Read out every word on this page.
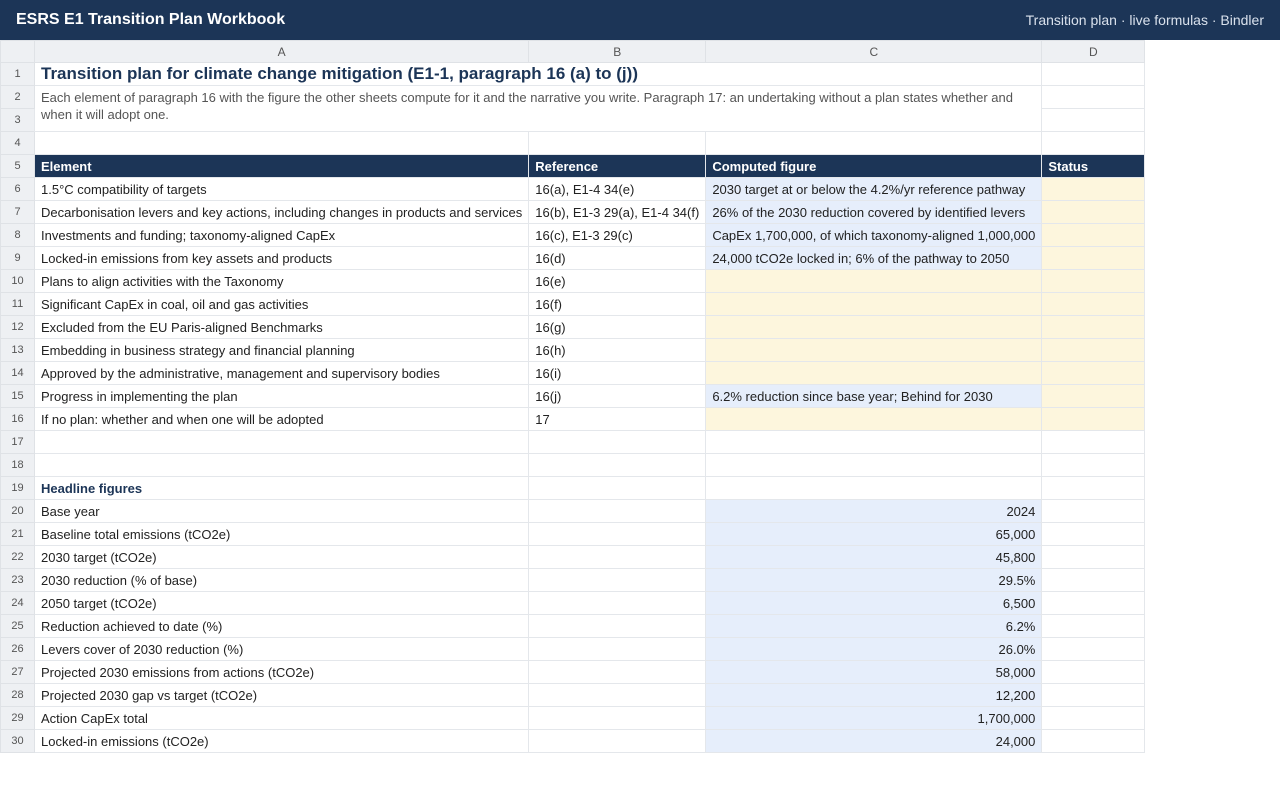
ESRS E1 Transition Plan Workbook	Transition plan · live formulas · Bindler
	A	B	C	D
1	Transition plan for climate change mitigation (E1-1, paragraph 16 (a) to (j))			
2	Each element of paragraph 16 with the figure the other sheets compute for it and the narrative you write. Paragraph 17: an undertaking without a plan states whether and when it will adopt one.			
3				
4				
5	Element	Reference	Computed figure	Status
6	1.5°C compatibility of targets	16(a), E1-4 34(e)	2030 target at or below the 4.2%/yr reference pathway	
7	Decarbonisation levers and key actions, including changes in products and services	16(b), E1-3 29(a), E1-4 34(f)	26% of the 2030 reduction covered by identified levers	
8	Investments and funding; taxonomy-aligned CapEx	16(c), E1-3 29(c)	CapEx 1,700,000, of which taxonomy-aligned 1,000,000	
9	Locked-in emissions from key assets and products	16(d)	24,000 tCO2e locked in; 6% of the pathway to 2050	
10	Plans to align activities with the Taxonomy	16(e)		
11	Significant CapEx in coal, oil and gas activities	16(f)		
12	Excluded from the EU Paris-aligned Benchmarks	16(g)		
13	Embedding in business strategy and financial planning	16(h)		
14	Approved by the administrative, management and supervisory bodies	16(i)		
15	Progress in implementing the plan	16(j)	6.2% reduction since base year; Behind for 2030	
16	If no plan: whether and when one will be adopted	17		
17				
18				
19	Headline figures			
20	Base year		2024	
21	Baseline total emissions (tCO2e)		65,000	
22	2030 target (tCO2e)		45,800	
23	2030 reduction (% of base)		29.5%	
24	2050 target (tCO2e)		6,500	
25	Reduction achieved to date (%)		6.2%	
26	Levers cover of 2030 reduction (%)		26.0%	
27	Projected 2030 emissions from actions (tCO2e)		58,000	
28	Projected 2030 gap vs target (tCO2e)		12,200	
29	Action CapEx total		1,700,000	
30	Locked-in emissions (tCO2e)		24,000	
